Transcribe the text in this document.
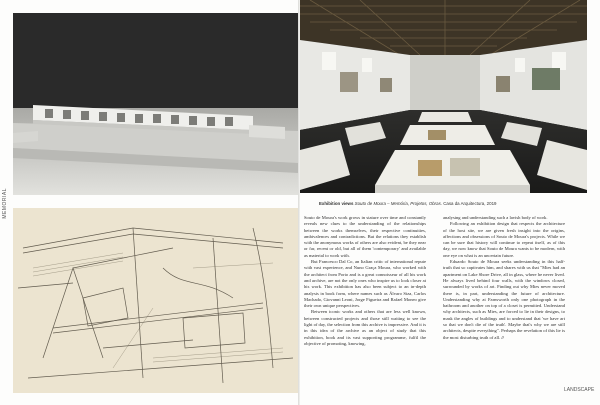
MEMORIAL	Exhibition views Souto de Moura – Memória, Projetos, Obras. Casa da Arquitectura, 2019

Souto de Moura's work grows in stature over time and constantly reveals new clues to the understanding of the relationships between the works themselves, their respective continuities, ambivalences and contradictions. But the relations they establish with the anonymous works of others are also evident, be they near or far, recent or old, but all of them 'contemporary' and available as material to work with.

But Francesco Dal Co, an Italian critic of international repute with vast experience, and Nuno Graça Moura, who worked with the architect from Porto and is a great connoisseur of all his work and archive, are not the only ones who inspire us to look closer at his work. This exhibition has also been subject to an in-depth analysis in book form, where names such as Álvaro Siza, Carlos Machado, Giovanni Leoni, Jorge Figueira and Rafael Moneo give their own unique perspectives.

Between iconic works and others that are less well known, between constructed projects and those still waiting to see the light of day, the selection from this archive is impressive. And it is in this idea of the archive as an object of study that this exhibition, book and its vast supporting programme, fulfil the objective of promoting, knowing,

analysing and understanding such a lavish body of work.

Following an exhibition design that respects the architecture of the host site, we are given fresh insight into the origins, affections and obsessions of Souto de Moura's projects. While we can be sure that history will continue to repeat itself, as of this day, we now know that Souto de Moura wants to be modern, with one eye on what is an uncertain future.

Eduardo Souto de Moura seeks understanding in this half-truth that so captivates him, and shares with us that "Mies had an apartment on Lake Shore Drive, all in glass, where he never lived. He always lived behind four walls, with the windows closed, surrounded by works of art. Finding out why Mies never moved there is, in part, understanding the future of architecture. Understanding why at Farnsworth only one photograph in the bathroom and another on top of a closet is permitted. Understand why architects, such as Mies, are forced to lie in their designs, to mask the angles of buildings and to understand that 'we have art so that we don't die of the truth'. Maybe that's why we are still architects, despite everything". Perhaps the revelation of this lie is the most disturbing truth of all. //

LANDSCAPE
